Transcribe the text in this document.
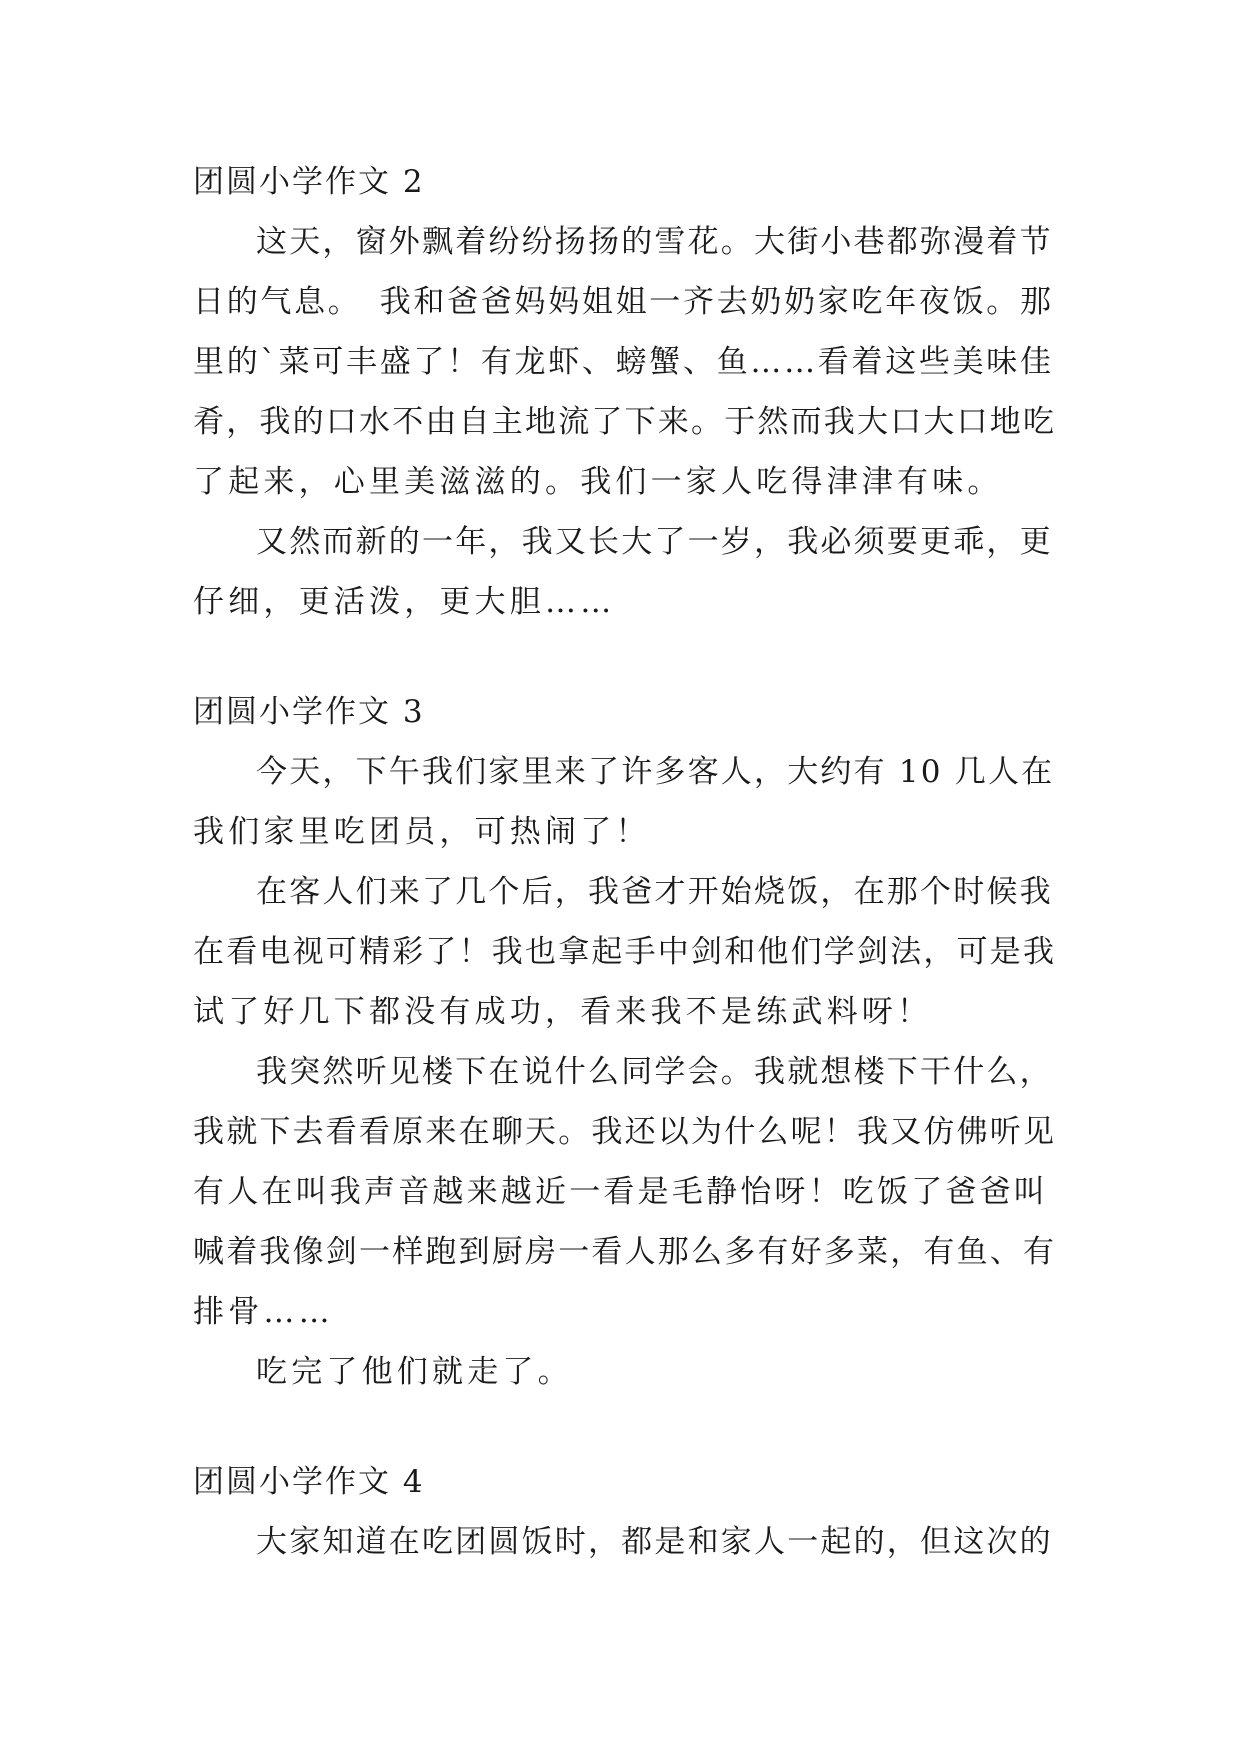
团圆小学作文 2
这天，窗外飘着纷纷扬扬的雪花。大街小巷都弥漫着节
日的气息。　我和爸爸妈妈姐姐一齐去奶奶家吃年夜饭。那
里的`菜可丰盛了！有龙虾、螃蟹、鱼……看着这些美味佳
肴，我的口水不由自主地流了下来。于然而我大口大口地吃
了起来，心里美滋滋的。我们一家人吃得津津有味。
又然而新的一年，我又长大了一岁，我必须要更乖，更
仔细，更活泼，更大胆……
团圆小学作文 3
今天，下午我们家里来了许多客人，大约有 10 几人在
我们家里吃团员，可热闹了！
在客人们来了几个后，我爸才开始烧饭，在那个时候我
在看电视可精彩了！我也拿起手中剑和他们学剑法，可是我
试了好几下都没有成功，看来我不是练武料呀！
我突然听见楼下在说什么同学会。我就想楼下干什么，
我就下去看看原来在聊天。我还以为什么呢！我又仿佛听见
有人在叫我声音越来越近一看是毛静怡呀！吃饭了爸爸叫
喊着我像剑一样跑到厨房一看人那么多有好多菜，有鱼、有
排骨……
吃完了他们就走了。
团圆小学作文 4
大家知道在吃团圆饭时，都是和家人一起的，但这次的
